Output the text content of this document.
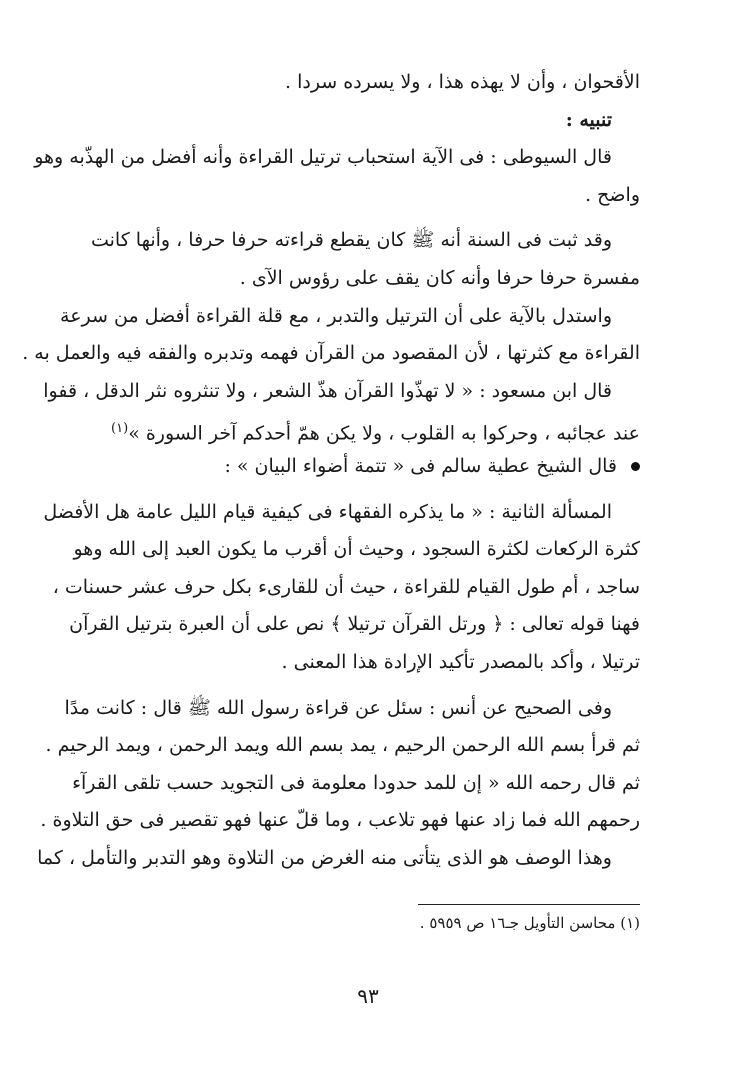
الأقحوان ، وأن لا يهذه هذا ، ولا يسرده سردا .
تنبيه :
قال السيوطى : فى الآية استحباب ترتيل القراءة وأنه أفضل من الهذّبه وهو
واضح .
وقد ثبت فى السنة أنه ﷺ كان يقطع قراءته حرفا حرفا ، وأنها كانت
مفسرة حرفا حرفا وأنه كان يقف على رؤوس الآى .
واستدل بالآية على أن الترتيل والتدبر ، مع قلة القراءة أفضل من سرعة
القراءة مع كثرتها ، لأن المقصود من القرآن فهمه وتدبره والفقه فيه والعمل به .
قال ابن مسعود : « لا تهذّوا القرآن هذّ الشعر ، ولا تنثروه نثر الدقل ، قفوا
عند عجائبه ، وحركوا به القلوب ، ولا يكن همّ أحدكم آخر السورة »$^{(١)}$
قال الشيخ عطية سالم فى « تتمة أضواء البيان » :
المسألة الثانية : « ما يذكره الفقهاء فى كيفية قيام الليل عامة هل الأفضل
كثرة الركعات لكثرة السجود ، وحيث أن أقرب ما يكون العبد إلى الله وهو
ساجد ، أم طول القيام للقراءة ، حيث أن للقارىء بكل حرف عشر حسنات ،
فهنا قوله تعالى : ﴿ ورتل القرآن ترتيلا ﴾ نص على أن العبرة بترتيل القرآن
ترتيلا ، وأكد بالمصدر تأكيد الإرادة هذا المعنى .
وفى الصحيح عن أنس : سئل عن قراءة رسول الله ﷺ قال : كانت مدًا
ثم قرأ بسم الله الرحمن الرحيم ، يمد بسم الله ويمد الرحمن ، ويمد الرحيم .
ثم قال رحمه الله « إن للمد حدودا معلومة فى التجويد حسب تلقى القرآء
رحمهم الله فما زاد عنها فهو تلاعب ، وما قلّ عنها فهو تقصير فى حق التلاوة .
وهذا الوصف هو الذى يتأتى منه الغرض من التلاوة وهو التدبر والتأمل ، كما
(١) محاسن التأويل جـ١٦ ص ٥٩٥٩ .
٩٣
